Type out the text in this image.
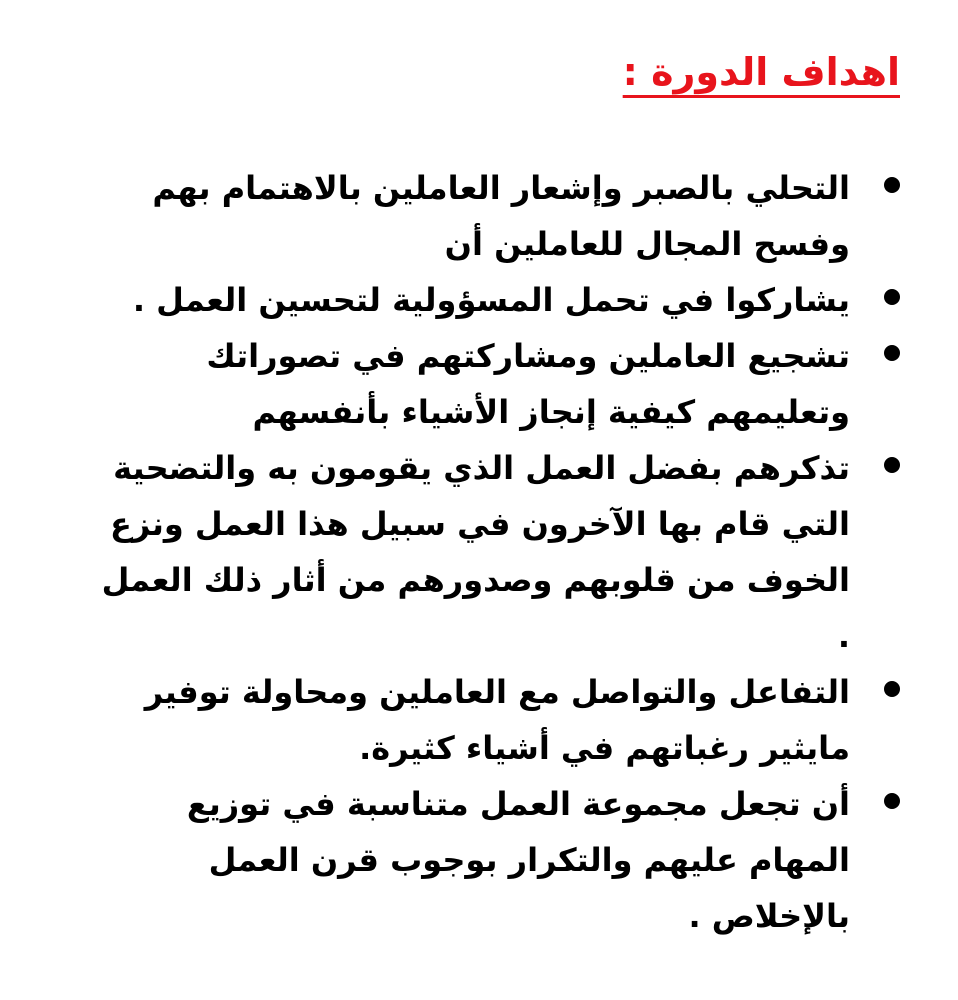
اهداف الدورة :
التحلي بالصبر وإشعار العاملين بالاهتمام بهم
وفسح المجال للعاملين أن
يشاركوا في تحمل المسؤولية لتحسين العمل .
تشجيع العاملين ومشاركتهم في تصوراتك
وتعليمهم كيفية إنجاز الأشياء بأنفسهم
تذكرهم بفضل العمل الذي يقومون به والتضحية
التي قام بها الآخرون في سبيل هذا العمل ونزع
الخوف من قلوبهم وصدورهم من أثار ذلك العمل
.
التفاعل والتواصل مع العاملين ومحاولة توفير
مايثير رغباتهم في أشياء كثيرة.
أن تجعل مجموعة العمل متناسبة في توزيع
المهام عليهم والتكرار بوجوب قرن العمل
بالإخلاص .
